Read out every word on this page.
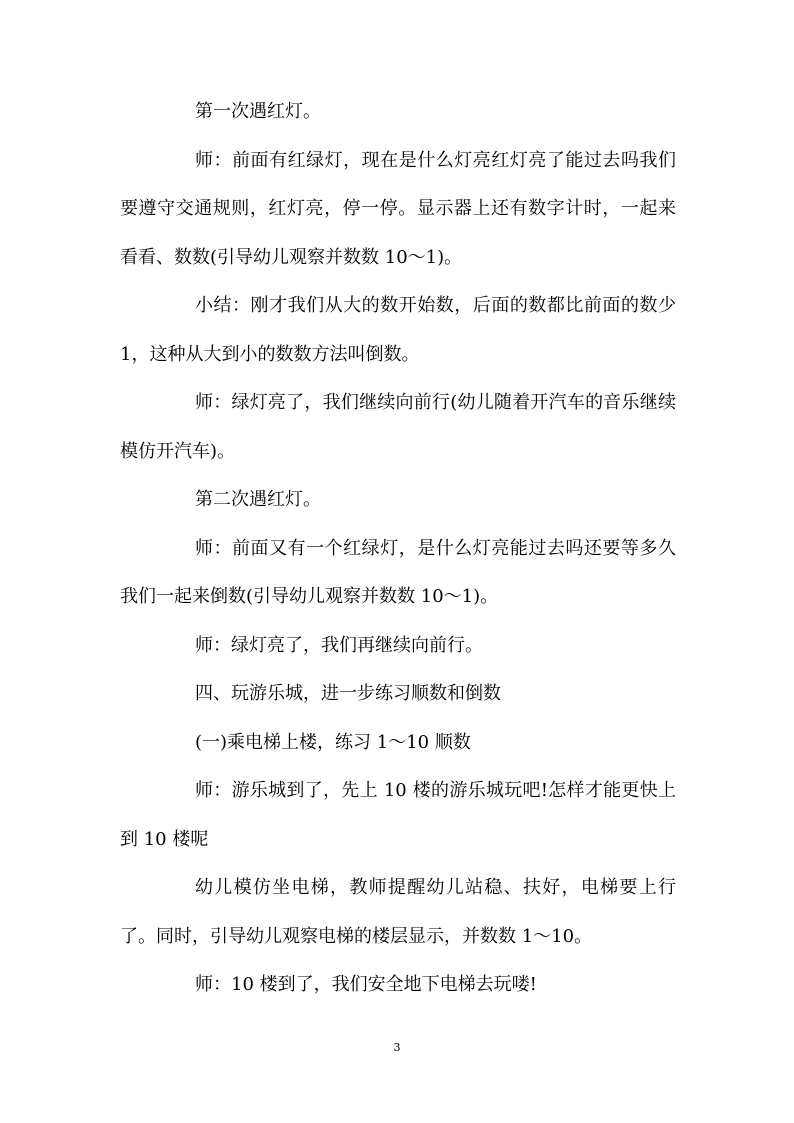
第一次遇红灯。

师：前面有红绿灯，现在是什么灯亮红灯亮了能过去吗我们要遵守交通规则，红灯亮，停一停。显示器上还有数字计时，一起来看看、数数(引导幼儿观察并数数 10～1)。

小结：刚才我们从大的数开始数，后面的数都比前面的数少 1，这种从大到小的数数方法叫倒数。

师：绿灯亮了，我们继续向前行(幼儿随着开汽车的音乐继续模仿开汽车)。

第二次遇红灯。

师：前面又有一个红绿灯，是什么灯亮能过去吗还要等多久我们一起来倒数(引导幼儿观察并数数 10～1)。

师：绿灯亮了，我们再继续向前行。

四、玩游乐城，进一步练习顺数和倒数

(一)乘电梯上楼，练习 1～10 顺数

师：游乐城到了，先上 10 楼的游乐城玩吧!怎样才能更快上到 10 楼呢

幼儿模仿坐电梯，教师提醒幼儿站稳、扶好，电梯要上行了。同时，引导幼儿观察电梯的楼层显示，并数数 1～10。

师：10 楼到了，我们安全地下电梯去玩喽!

3
